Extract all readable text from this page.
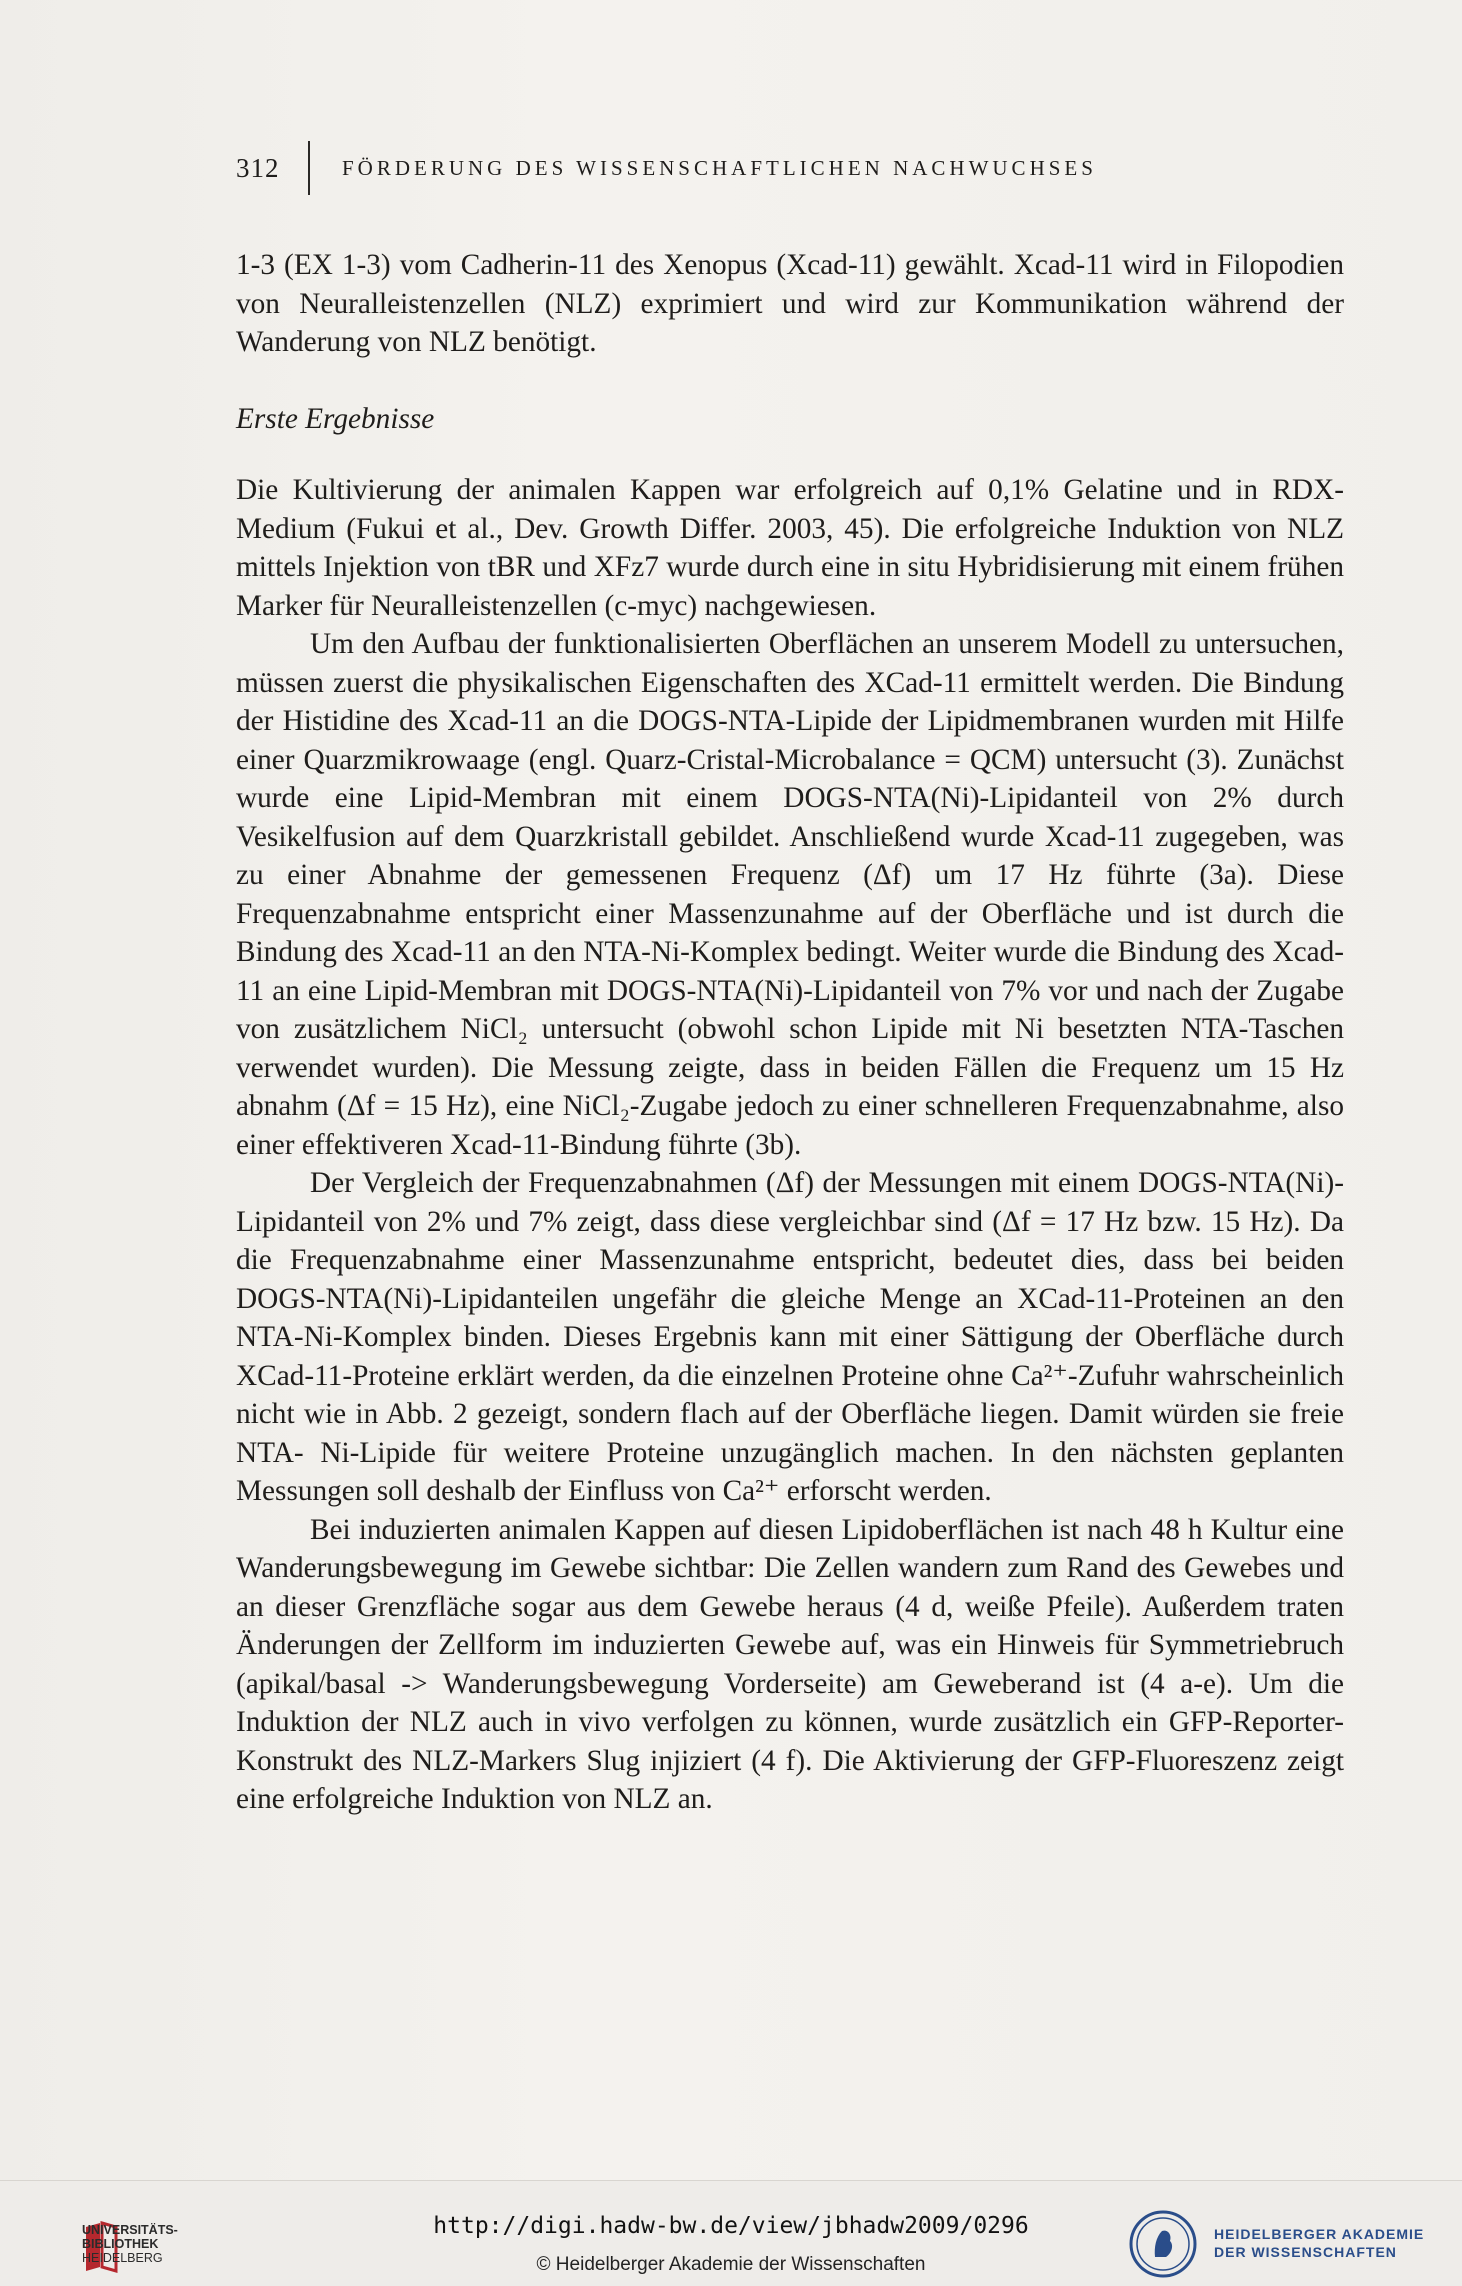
312	FÖRDERUNG DES WISSENSCHAFTLICHEN NACHWUCHSES

1-3 (EX 1-3) vom Cadherin-11 des Xenopus (Xcad-11) gewählt. Xcad-11 wird in Filopodien von Neuralleistenzellen (NLZ) exprimiert und wird zur Kommunikation während der Wanderung von NLZ benötigt.

Erste Ergebnisse

Die Kultivierung der animalen Kappen war erfolgreich auf 0,1% Gelatine und in RDX- Medium (Fukui et al., Dev. Growth Differ. 2003, 45). Die erfolgreiche Induktion von NLZ mittels Injektion von tBR und XFz7 wurde durch eine in situ Hybridisierung mit einem frühen Marker für Neuralleistenzellen (c-myc) nachgewiesen.

Um den Aufbau der funktionalisierten Oberflächen an unserem Modell zu untersuchen, müssen zuerst die physikalischen Eigenschaften des XCad-11 ermittelt werden. Die Bindung der Histidine des Xcad-11 an die DOGS-NTA-Lipide der Lipidmembranen wurden mit Hilfe einer Quarzmikrowaage (engl. Quarz-Cristal-Microbalance = QCM) untersucht (3). Zunächst wurde eine Lipid-Membran mit einem DOGS-NTA(Ni)-Lipidanteil von 2% durch Vesikelfusion auf dem Quarzkristall gebildet. Anschließend wurde Xcad-11 zugegeben, was zu einer Abnahme der gemessenen Frequenz (Δf) um 17 Hz führte (3a). Diese Frequenzabnahme entspricht einer Massenzunahme auf der Oberfläche und ist durch die Bindung des Xcad-11 an den NTA-Ni-Komplex bedingt. Weiter wurde die Bindung des Xcad-11 an eine Lipid-Membran mit DOGS-NTA(Ni)-Lipidanteil von 7% vor und nach der Zugabe von zusätzlichem NiCl₂ untersucht (obwohl schon Lipide mit Ni besetzten NTA-Taschen verwendet wurden). Die Messung zeigte, dass in beiden Fällen die Frequenz um 15 Hz abnahm (Δf = 15 Hz), eine NiCl₂-Zugabe jedoch zu einer schnelleren Frequenzabnahme, also einer effektiveren Xcad-11-Bindung führte (3b).

Der Vergleich der Frequenzabnahmen (Δf) der Messungen mit einem DOGS-NTA(Ni)-Lipidanteil von 2% und 7% zeigt, dass diese vergleichbar sind (Δf = 17 Hz bzw. 15 Hz). Da die Frequenzabnahme einer Massenzunahme entspricht, bedeutet dies, dass bei beiden DOGS-NTA(Ni)-Lipidanteilen ungefähr die gleiche Menge an XCad-11-Proteinen an den NTA-Ni-Komplex binden. Dieses Ergebnis kann mit einer Sättigung der Oberfläche durch XCad-11-Proteine erklärt werden, da die einzelnen Proteine ohne Ca²⁺-Zufuhr wahrscheinlich nicht wie in Abb. 2 gezeigt, sondern flach auf der Oberfläche liegen. Damit würden sie freie NTA- Ni-Lipide für weitere Proteine unzugänglich machen. In den nächsten geplanten Messungen soll deshalb der Einfluss von Ca²⁺ erforscht werden.

Bei induzierten animalen Kappen auf diesen Lipidoberflächen ist nach 48 h Kultur eine Wanderungsbewegung im Gewebe sichtbar: Die Zellen wandern zum Rand des Gewebes und an dieser Grenzfläche sogar aus dem Gewebe heraus (4 d, weiße Pfeile). Außerdem traten Änderungen der Zellform im induzierten Gewebe auf, was ein Hinweis für Symmetriebruch (apikal/basal -> Wanderungsbewegung Vorderseite) am Geweberand ist (4 a-e). Um die Induktion der NLZ auch in vivo verfolgen zu können, wurde zusätzlich ein GFP-Reporter-Konstrukt des NLZ-Markers Slug injiziert (4 f). Die Aktivierung der GFP-Fluoreszenz zeigt eine erfolgreiche Induktion von NLZ an.

UNIVERSITÄTS-
BIBLIOTHEK
HEIDELBERG
http://digi.hadw-bw.de/view/jbhadw2009/0296
© Heidelberger Akademie der Wissenschaften
HEIDELBERGER AKADEMIE
DER WISSENSCHAFTEN
